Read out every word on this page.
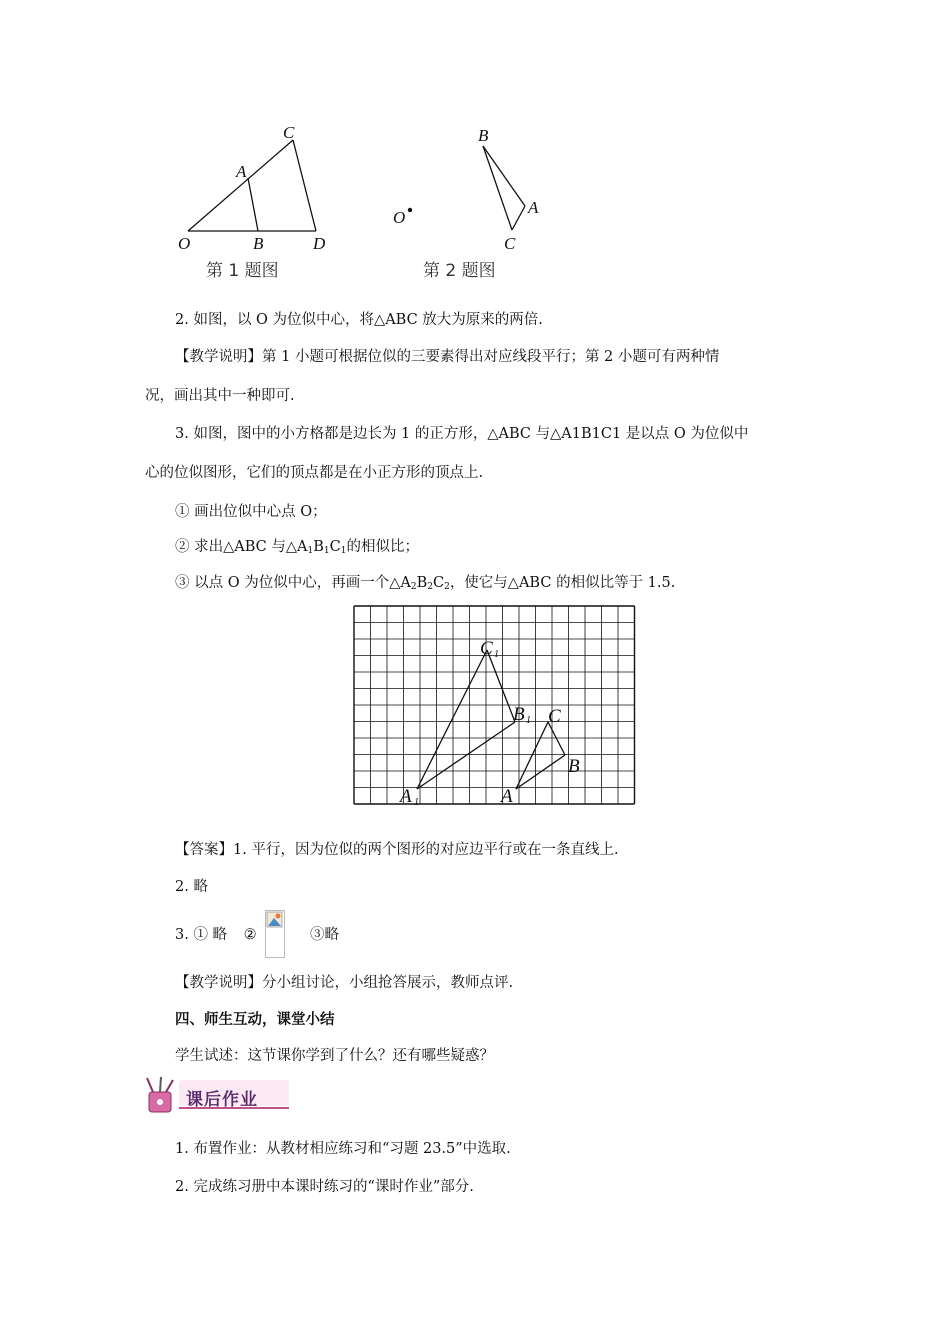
C
A
O	B	D
第 1 题图
B
A
C
O
第 2 题图
2. 如图，以 O 为位似中心，将△ABC 放大为原来的两倍.
【教学说明】第 1 小题可根据位似的三要素得出对应线段平行；第 2 小题可有两种情
况，画出其中一种即可.
3. 如图，图中的小方格都是边长为 1 的正方形，△ABC 与△A1B1C1 是以点 O 为位似中
心的位似图形，它们的顶点都是在小正方形的顶点上.
① 画出位似中心点 O；
② 求出△ABC 与$\triangle A_1B_1C_1$的相似比；
③ 以点 O 为位似中心，再画一个$\triangle A_2B_2C_2$，使它与△ABC 的相似比等于 1.5.
C 1
B 1
A 1
C
B
A
【答案】1. 平行，因为位似的两个图形的对应边平行或在一条直线上.
2. 略
3. ① 略 ②	③略
【教学说明】分小组讨论，小组抢答展示，教师点评.
四、师生互动，课堂小结
学生试述：这节课你学到了什么？还有哪些疑惑？
课后作业
1. 布置作业：从教材相应练习和“习题 23.5”中选取.
2. 完成练习册中本课时练习的“课时作业”部分.
